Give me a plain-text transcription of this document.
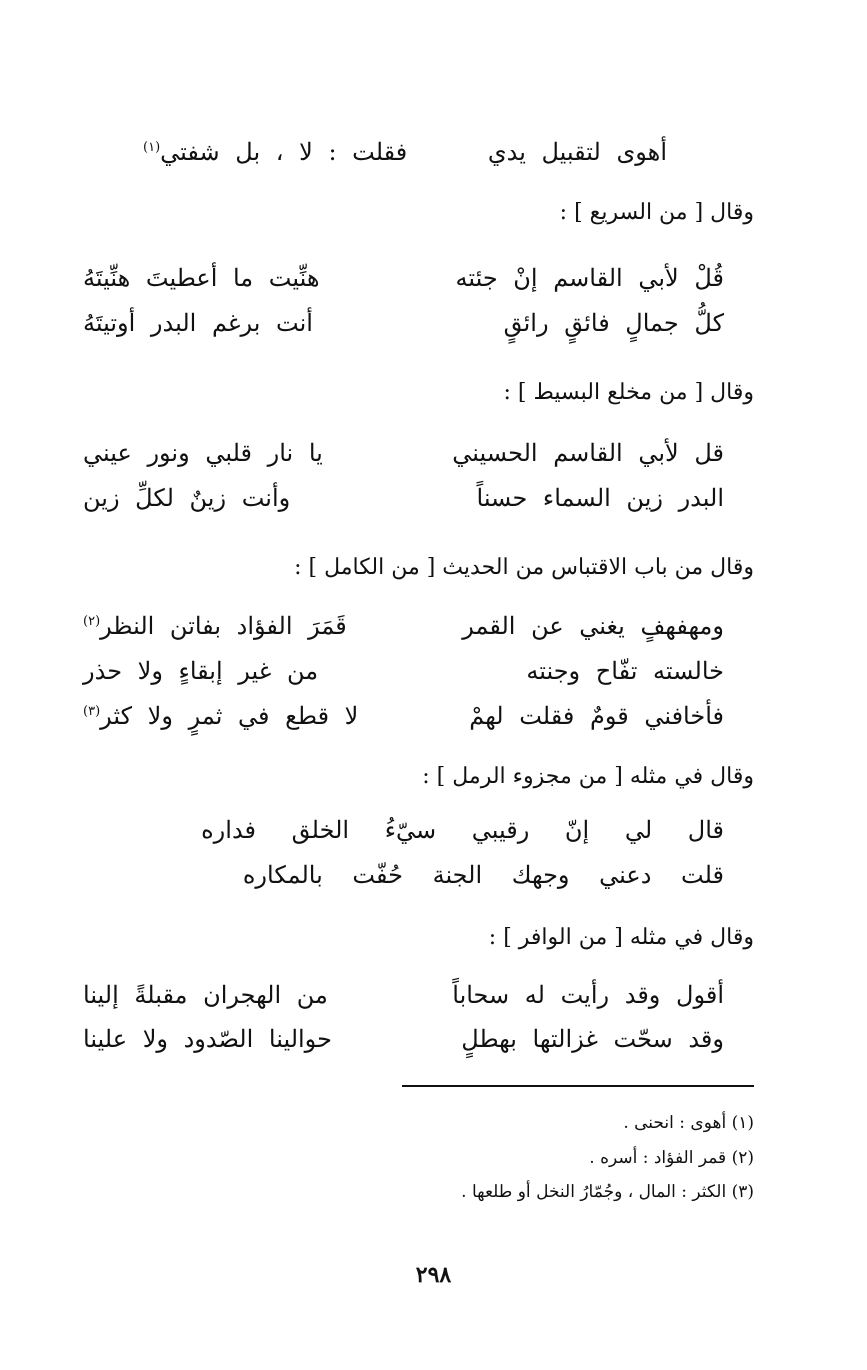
أهوى لتقبيل يدي
فقلت : لا ، بل شفتي$^{(١)}$
وقال [ من السريع ] :
قُلْ لأبي القاسم إنْ جئته
هنِّيت ما أعطيتَ هنِّيتَهُ
كلُّ جمالٍ فائقٍ رائقٍ
أنت برغم البدر أوتيتَهُ
وقال [ من مخلع البسيط ] :
قل لأبي القاسم الحسيني
يا نار قلبي ونور عيني
البدر زين السماء حسناً
وأنت زينٌ لكلِّ زين
وقال من باب الاقتباس من الحديث [ من الكامل ] :
ومهفهفٍ يغني عن القمر
قَمَرَ الفؤاد بفاتن النظر$^{(٢)}$
خالسته تفّاح وجنته
من غير إبقاءٍ ولا حذر
فأخافني قومٌ فقلت لهمْ
لا قطع في ثمرٍ ولا كثر$^{(٣)}$
وقال في مثله [ من مجزوء الرمل ] :
قال لي إنّ رقيبي سيّءُ الخلق فداره
قلت دعني وجهك الجنة حُفّت بالمكاره
وقال في مثله [ من الوافر ] :
أقول وقد رأيت له سحاباً
من الهجران مقبلةً إلينا
وقد سحّت غزالتها بهطلٍ
حوالينا الصّدود ولا علينا
(١) أهوى : انحنى .
(٢) قمر الفؤاد : أسره .
(٣) الكثر : المال ، وجُمّارُ النخل أو طلعها .
٢٩٨
